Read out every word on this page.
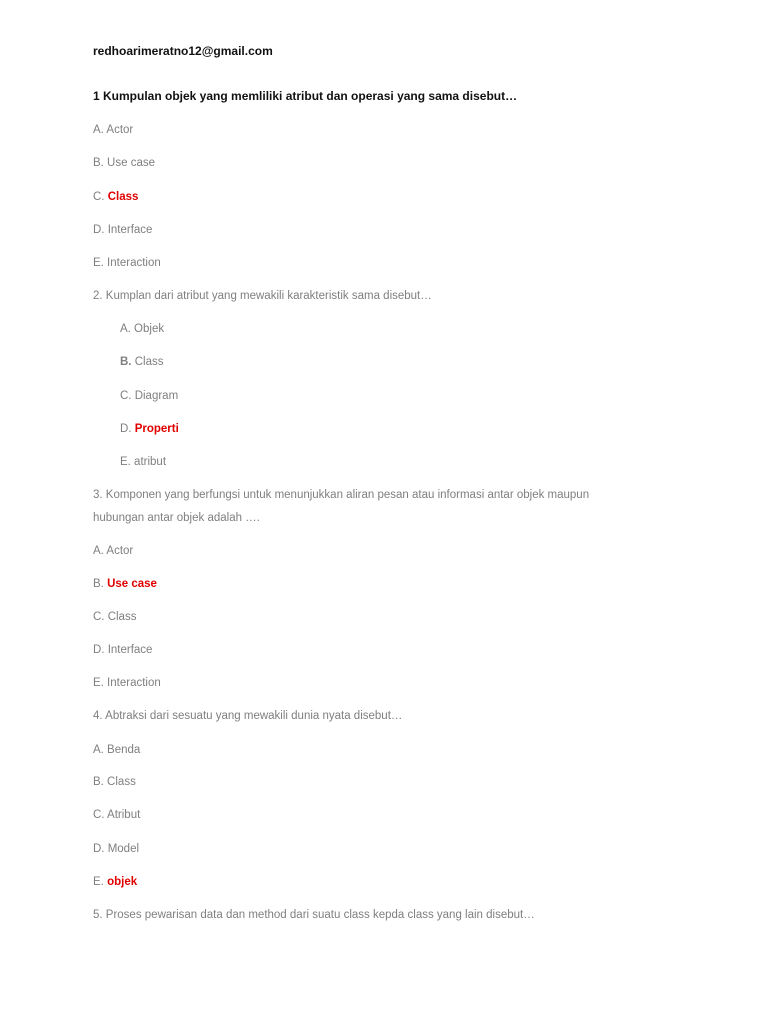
redhoarimeratno12@gmail.com
1 Kumpulan objek yang memliliki atribut dan operasi yang sama disebut…
A. Actor
B. Use case
C. Class
D. Interface
E. Interaction
2. Kumplan dari atribut yang mewakili karakteristik sama disebut…
A. Objek
B. Class
C. Diagram
D. Properti
E. atribut
3. Komponen yang berfungsi untuk menunjukkan aliran pesan atau informasi antar objek maupun
hubungan antar objek adalah ….
A. Actor
B. Use case
C. Class
D. Interface
E. Interaction
4. Abtraksi dari sesuatu yang mewakili dunia nyata disebut…
A. Benda
B. Class
C. Atribut
D. Model
E. objek
5. Proses pewarisan data dan method dari suatu class kepda class yang lain disebut…
